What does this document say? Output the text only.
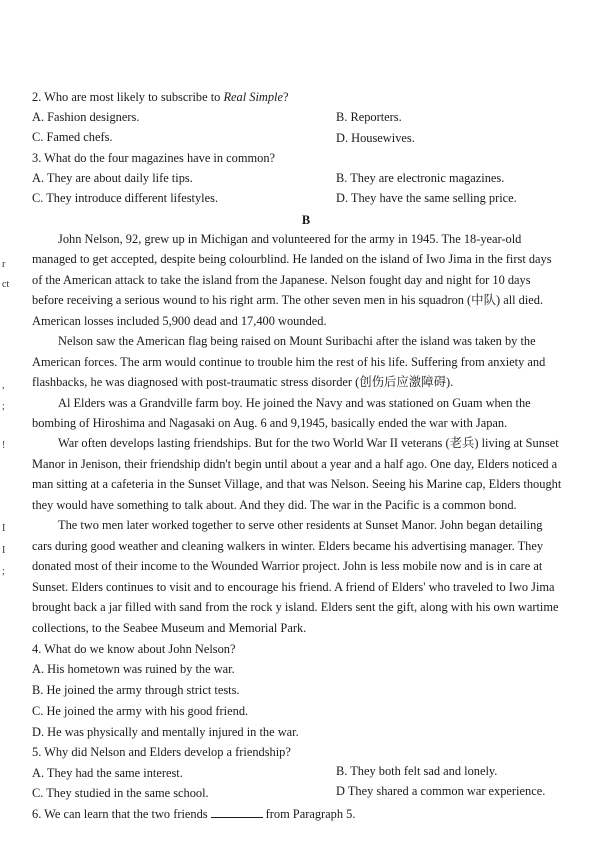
2. Who are most likely to subscribe to Real Simple?
A. Fashion designers.	B. Reporters.
C. Famed chefs.	D. Housewives.
3. What do the four magazines have in common?
A. They are about daily life tips.	B. They are electronic magazines.
C. They introduce different lifestyles.	D. They have the same selling price.
B
John Nelson, 92, grew up in Michigan and volunteered for the army in 1945. The 18-year-old
managed to get accepted, despite being colourblind. He landed on the island of Iwo Jima in the first days
of the American attack to take the island from the Japanese. Nelson fought day and night for 10 days
before receiving a serious wound to his right arm. The other seven men in his squadron (中队) all died.
American losses included 5,900 dead and 17,400 wounded.
Nelson saw the American flag being raised on Mount Suribachi after the island was taken by the
American forces. The arm would continue to trouble him the rest of his life. Suffering from anxiety and
flashbacks, he was diagnosed with post-traumatic stress disorder (创伤后应激障碍).
Al Elders was a Grandville farm boy. He joined the Navy and was stationed on Guam when the
bombing of Hiroshima and Nagasaki on Aug. 6 and 9,1945, basically ended the war with Japan.
War often develops lasting friendships. But for the two World War II veterans (老兵) living at Sunset
Manor in Jenison, their friendship didn't begin until about a year and a half ago. One day, Elders noticed a
man sitting at a cafeteria in the Sunset Village, and that was Nelson. Seeing his Marine cap, Elders thought
they would have something to talk about. And they did. The war in the Pacific is a common bond.
The two men later worked together to serve other residents at Sunset Manor. John began detailing
cars during good weather and cleaning walkers in winter. Elders became his advertising manager. They
donated most of their income to the Wounded Warrior project. John is less mobile now and is in care at
Sunset. Elders continues to visit and to encourage his friend. A friend of Elders' who traveled to Iwo Jima
brought back a jar filled with sand from the rock y island. Elders sent the gift, along with his own wartime
collections, to the Seabee Museum and Memorial Park.
4. What do we know about John Nelson?
A. His hometown was ruined by the war.
B. He joined the army through strict tests.
C. He joined the army with his good friend.
D. He was physically and mentally injured in the war.
5. Why did Nelson and Elders develop a friendship?
A. They had the same interest.	B. They both felt sad and lonely.
C. They studied in the same school.	D They shared a common war experience.
6. We can learn that the two friends	from Paragraph 5.
r
ct
,
;
!
I
I
;
